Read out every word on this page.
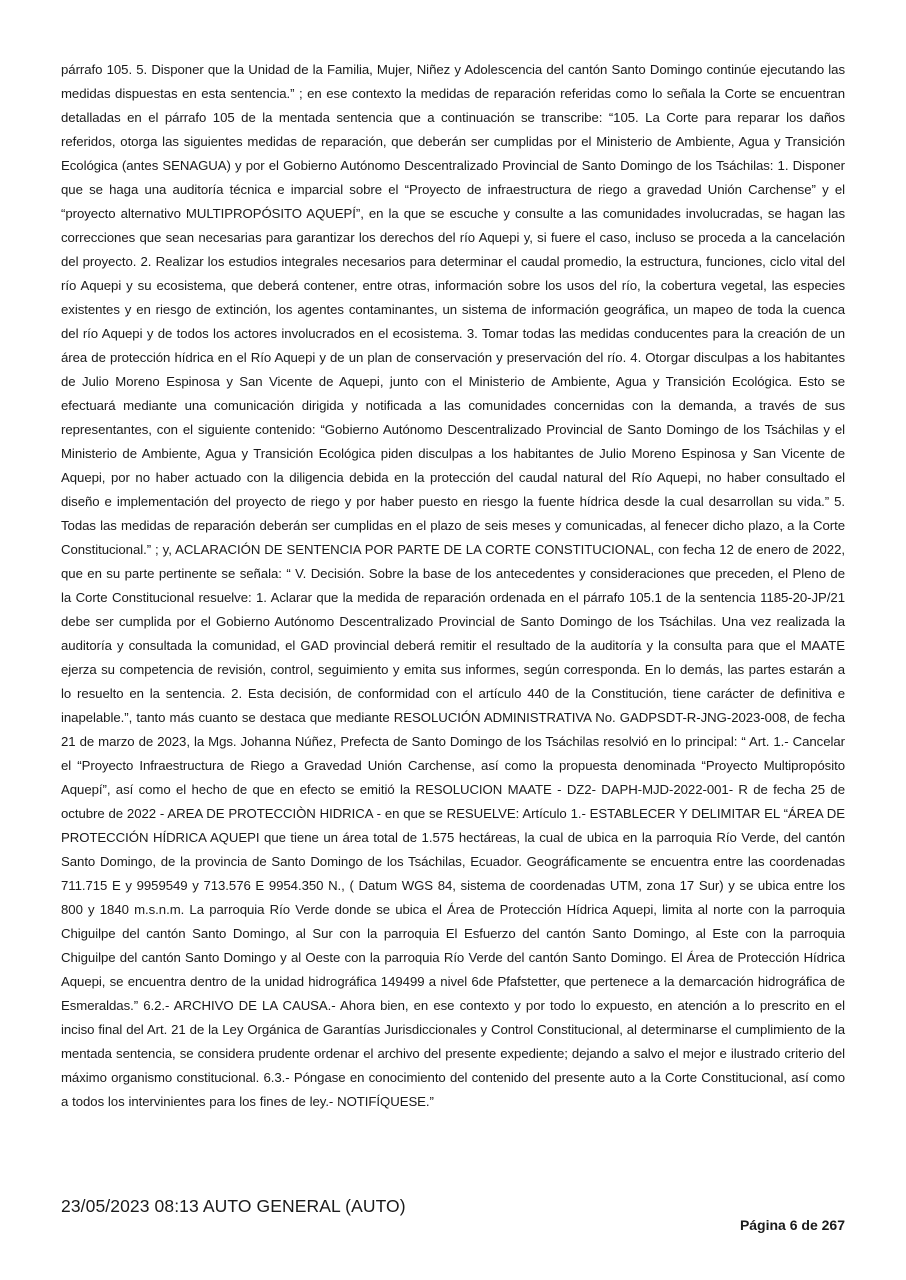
párrafo 105. 5. Disponer que la Unidad de la Familia, Mujer, Niñez y Adolescencia del cantón Santo Domingo continúe ejecutando las medidas dispuestas en esta sentencia.” ; en ese contexto la medidas de reparación referidas como lo señala la Corte se encuentran detalladas en el párrafo 105 de la mentada sentencia que a continuación se transcribe: “105. La Corte para reparar los daños referidos, otorga las siguientes medidas de reparación, que deberán ser cumplidas por el Ministerio de Ambiente, Agua y Transición Ecológica (antes SENAGUA) y por el Gobierno Autónomo Descentralizado Provincial de Santo Domingo de los Tsáchilas: 1. Disponer que se haga una auditoría técnica e imparcial sobre el “Proyecto de infraestructura de riego a gravedad Unión Carchense” y el “proyecto alternativo MULTIPROPÓSITO AQUEPÍ”, en la que se escuche y consulte a las comunidades involucradas, se hagan las correcciones que sean necesarias para garantizar los derechos del río Aquepi y, si fuere el caso, incluso se proceda a la cancelación del proyecto. 2. Realizar los estudios integrales necesarios para determinar el caudal promedio, la estructura, funciones, ciclo vital del río Aquepi y su ecosistema, que deberá contener, entre otras, información sobre los usos del río, la cobertura vegetal, las especies existentes y en riesgo de extinción, los agentes contaminantes, un sistema de información geográfica, un mapeo de toda la cuenca del río Aquepi y de todos los actores involucrados en el ecosistema. 3. Tomar todas las medidas conducentes para la creación de un área de protección hídrica en el Río Aquepi y de un plan de conservación y preservación del río. 4. Otorgar disculpas a los habitantes de Julio Moreno Espinosa y San Vicente de Aquepi, junto con el Ministerio de Ambiente, Agua y Transición Ecológica. Esto se efectuará mediante una comunicación dirigida y notificada a las comunidades concernidas con la demanda, a través de sus representantes, con el siguiente contenido: “Gobierno Autónomo Descentralizado Provincial de Santo Domingo de los Tsáchilas y el Ministerio de Ambiente, Agua y Transición Ecológica piden disculpas a los habitantes de Julio Moreno Espinosa y San Vicente de Aquepi, por no haber actuado con la diligencia debida en la protección del caudal natural del Río Aquepi, no haber consultado el diseño e implementación del proyecto de riego y por haber puesto en riesgo la fuente hídrica desde la cual desarrollan su vida.” 5. Todas las medidas de reparación deberán ser cumplidas en el plazo de seis meses y comunicadas, al fenecer dicho plazo, a la Corte Constitucional.” ; y, ACLARACIÓN DE SENTENCIA POR PARTE DE LA CORTE CONSTITUCIONAL, con fecha 12 de enero de 2022, que en su parte pertinente se señala: “ V. Decisión. Sobre la base de los antecedentes y consideraciones que preceden, el Pleno de la Corte Constitucional resuelve: 1. Aclarar que la medida de reparación ordenada en el párrafo 105.1 de la sentencia 1185-20-JP/21 debe ser cumplida por el Gobierno Autónomo Descentralizado Provincial de Santo Domingo de los Tsáchilas. Una vez realizada la auditoría y consultada la comunidad, el GAD provincial deberá remitir el resultado de la auditoría y la consulta para que el MAATE ejerza su competencia de revisión, control, seguimiento y emita sus informes, según corresponda. En lo demás, las partes estarán a lo resuelto en la sentencia. 2. Esta decisión, de conformidad con el artículo 440 de la Constitución, tiene carácter de definitiva e inapelable.”, tanto más cuanto se destaca que mediante RESOLUCIÓN ADMINISTRATIVA No. GADPSDT-R-JNG-2023-008, de fecha 21 de marzo de 2023, la Mgs. Johanna Núñez, Prefecta de Santo Domingo de los Tsáchilas resolvió en lo principal: “ Art. 1.- Cancelar el “Proyecto Infraestructura de Riego a Gravedad Unión Carchense, así como la propuesta denominada “Proyecto Multipropósito Aquepí”, así como el hecho de que en efecto se emitió la RESOLUCION MAATE - DZ2- DAPH-MJD-2022-001- R de fecha 25 de octubre de 2022 - AREA DE PROTECCIÒN HIDRICA - en que se RESUELVE: Artículo 1.- ESTABLECER Y DELIMITAR EL “ÁREA DE PROTECCIÓN HÍDRICA AQUEPI que tiene un área total de 1.575 hectáreas, la cual de ubica en la parroquia Río Verde, del cantón Santo Domingo, de la provincia de Santo Domingo de los Tsáchilas, Ecuador. Geográficamente se encuentra entre las coordenadas 711.715 E y 9959549 y 713.576 E 9954.350 N., ( Datum WGS 84, sistema de coordenadas UTM, zona 17 Sur) y se ubica entre los 800 y 1840 m.s.n.m. La parroquia Río Verde donde se ubica el Área de Protección Hídrica Aquepi, limita al norte con la parroquia Chiguilpe del cantón Santo Domingo, al Sur con la parroquia El Esfuerzo del cantón Santo Domingo, al Este con la parroquia Chiguilpe del cantón Santo Domingo y al Oeste con la parroquia Río Verde del cantón Santo Domingo. El Área de Protección Hídrica Aquepi, se encuentra dentro de la unidad hidrográfica 149499 a nivel 6de Pfafstetter, que pertenece a la demarcación hidrográfica de Esmeraldas.” 6.2.- ARCHIVO DE LA CAUSA.- Ahora bien, en ese contexto y por todo lo expuesto, en atención a lo prescrito en el inciso final del Art. 21 de la Ley Orgánica de Garantías Jurisdiccionales y Control Constitucional, al determinarse el cumplimiento de la mentada sentencia, se considera prudente ordenar el archivo del presente expediente; dejando a salvo el mejor e ilustrado criterio del máximo organismo constitucional. 6.3.- Póngase en conocimiento del contenido del presente auto a la Corte Constitucional, así como a todos los intervinientes para los fines de ley.- NOTIFÍQUESE.”

23/05/2023 08:13 AUTO GENERAL (AUTO)
Página 6 de 267
